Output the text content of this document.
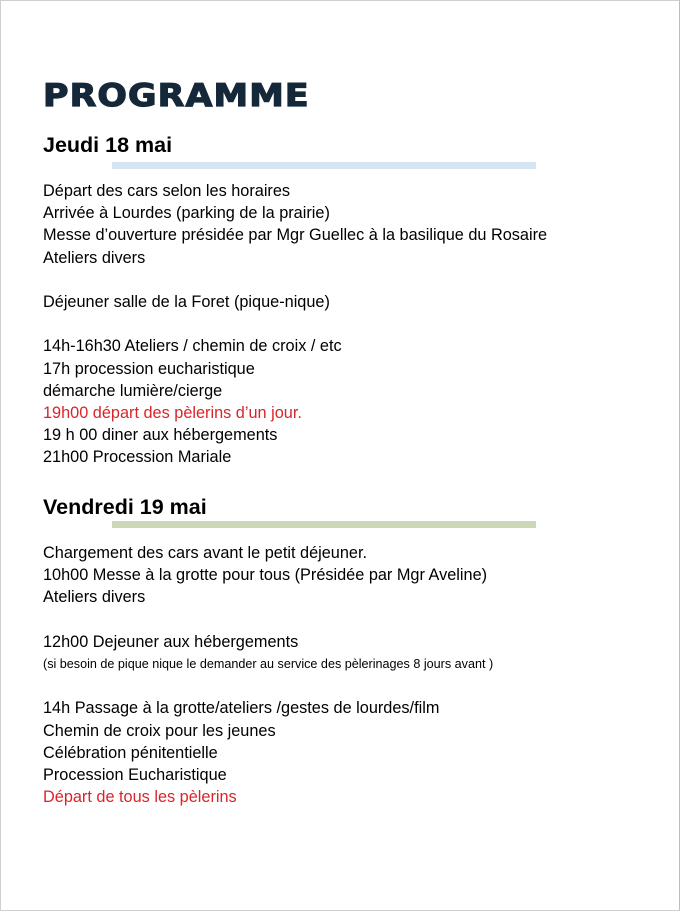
PROGRAMME
Jeudi 18 mai
Départ des cars selon les horaires
Arrivée à Lourdes (parking de la prairie)
Messe d’ouverture présidée par Mgr Guellec à la basilique du Rosaire
Ateliers divers
Déjeuner salle de la Foret (pique-nique)
14h-16h30 Ateliers / chemin de croix / etc
17h procession eucharistique
démarche lumière/cierge
19h00 départ des pèlerins d’un jour.
19 h 00 diner aux hébergements
21h00 Procession Mariale
Vendredi 19 mai
Chargement des cars avant le petit déjeuner.
10h00 Messe à la grotte pour tous (Présidée par Mgr Aveline)
Ateliers divers
12h00 Dejeuner aux hébergements
(si besoin de pique nique le demander au service des pèlerinages 8 jours avant )
14h Passage à la grotte/ateliers /gestes de lourdes/film
Chemin de croix pour les jeunes
Célébration pénitentielle
Procession Eucharistique
Départ de tous les pèlerins
